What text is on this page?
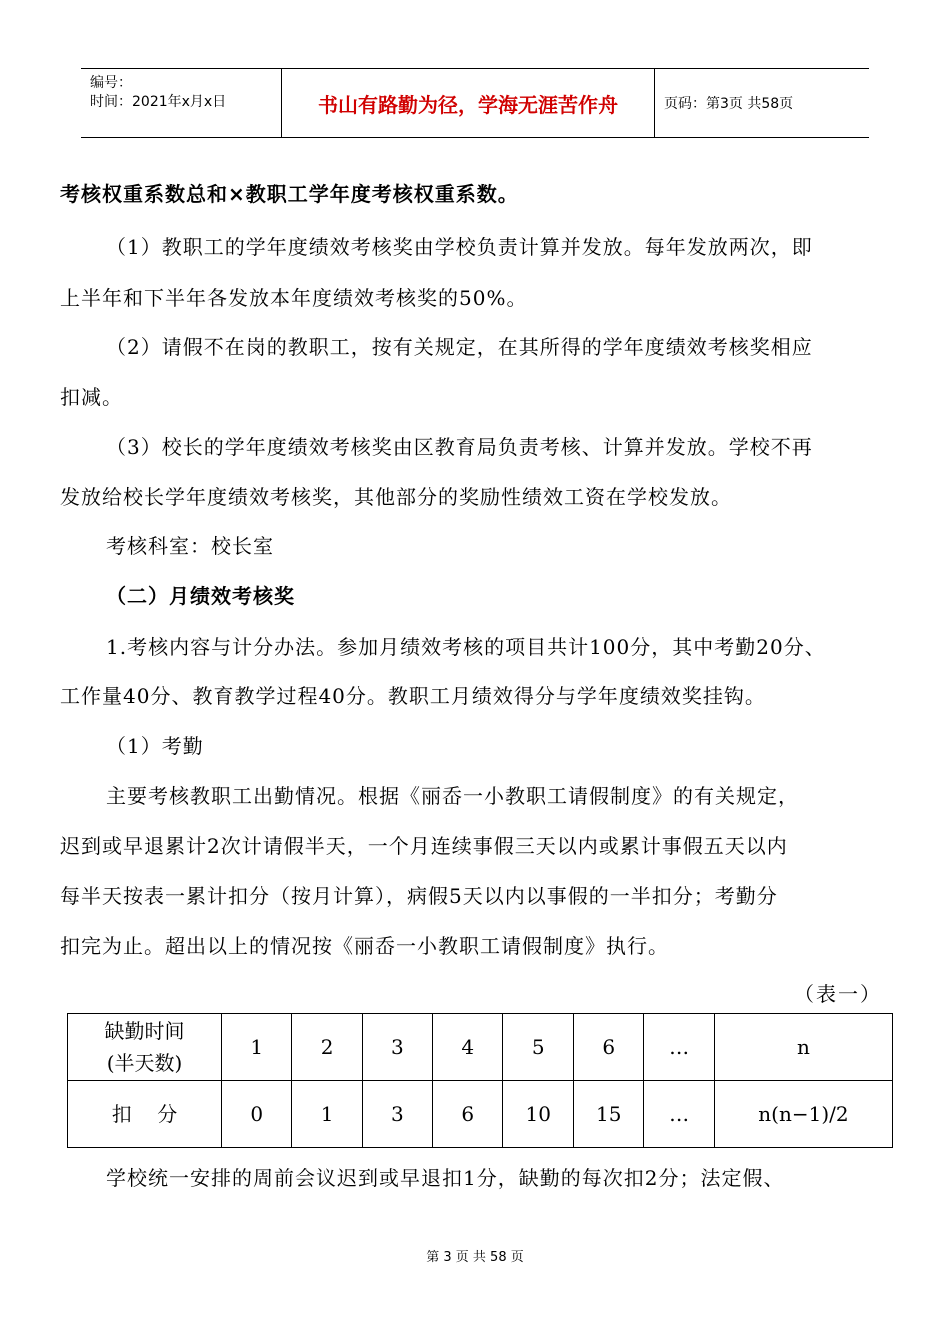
编号：
时间：2021年x月x日	书山有路勤为径，学海无涯苦作舟	页码：第3页 共58页
考核权重系数总和×教职工学年度考核权重系数。
（1）教职工的学年度绩效考核奖由学校负责计算并发放。每年发放两次，即
上半年和下半年各发放本年度绩效考核奖的50%。
（2）请假不在岗的教职工，按有关规定，在其所得的学年度绩效考核奖相应
扣减。
（3）校长的学年度绩效考核奖由区教育局负责考核、计算并发放。学校不再
发放给校长学年度绩效考核奖，其他部分的奖励性绩效工资在学校发放。
考核科室：校长室
（二）月绩效考核奖
1.考核内容与计分办法。参加月绩效考核的项目共计100分，其中考勤20分、
工作量40分、教育教学过程40分。教职工月绩效得分与学年度绩效奖挂钩。
（1）考勤
主要考核教职工出勤情况。根据《丽岙一小教职工请假制度》的有关规定，
迟到或早退累计2次计请假半天，一个月连续事假三天以内或累计事假五天以内
每半天按表一累计扣分（按月计算），病假5天以内以事假的一半扣分；考勤分
扣完为止。超出以上的情况按《丽岙一小教职工请假制度》执行。
（表一）
缺勤时间
(半天数)	1	2	3	4	5	6	…	n
扣    分	0	1	3	6	10	15	…	n(n−1)/2
学校统一安排的周前会议迟到或早退扣1分，缺勤的每次扣2分；法定假、
第 3 页 共 58 页
